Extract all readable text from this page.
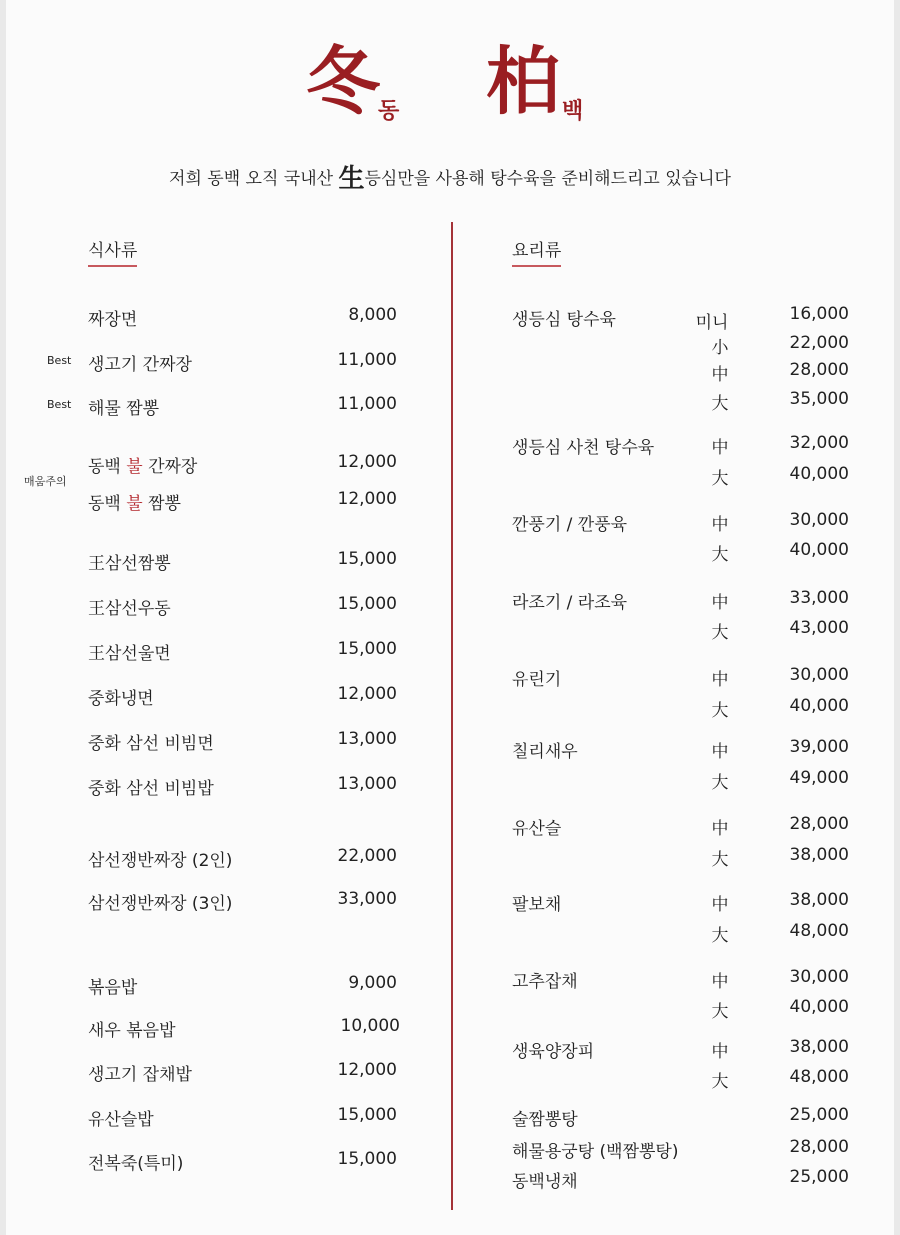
冬
동 柏 백
저희 동백 오직 국내산 生등심만을 사용해 탕수육을 준비해드리고 있습니다
식사류
짜장면	8,000
Best 생고기 간짜장	11,000
Best 해물 짬뽕	11,000
매움주의
동백 불 간짜장	12,000
동백 불 짬뽕	12,000
王삼선짬뽕	15,000
王삼선우동	15,000
王삼선울면	15,000
중화냉면	12,000
중화 삼선 비빔면	13,000
중화 삼선 비빔밥	13,000
삼선쟁반짜장 (2인)	22,000
삼선쟁반짜장 (3인)	33,000
볶음밥	9,000
새우 볶음밥	10,000
생고기 잡채밥	12,000
유산슬밥	15,000
전복죽(특미)	15,000
요리류
생등심 탕수육	미니	16,000
小	22,000
中	28,000
大	35,000
생등심 사천 탕수육	中	32,000
大	40,000
깐풍기 / 깐풍육	中	30,000
大	40,000
라조기 / 라조육	中	33,000
大	43,000
유린기	中	30,000
大	40,000
칠리새우	中	39,000
大	49,000
유산슬	中	28,000
大	38,000
팔보채	中	38,000
大	48,000
고추잡채	中	30,000
大	40,000
생육양장피	中	38,000
大	48,000
술짬뽕탕	25,000
해물용궁탕 (백짬뽕탕)	28,000
동백냉채	25,000
